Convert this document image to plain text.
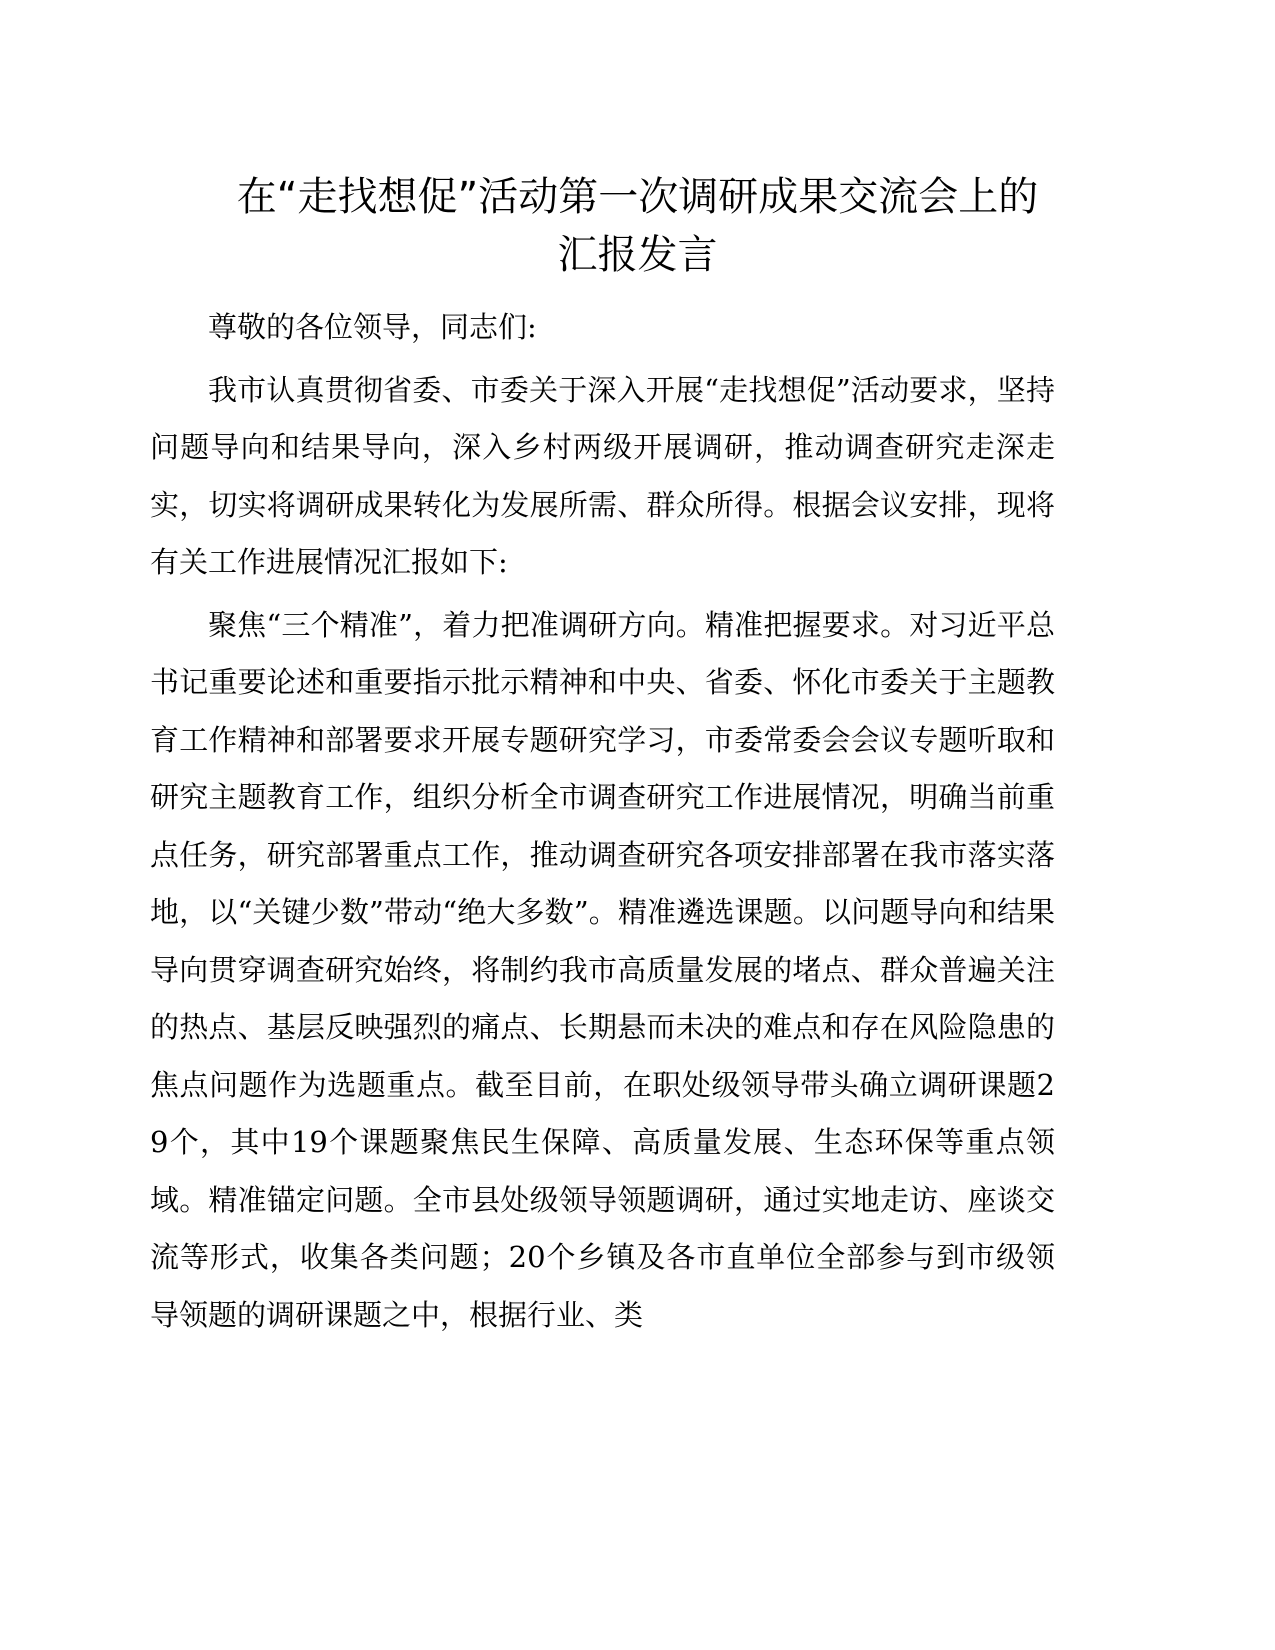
在“走找想促”活动第一次调研成果交流会上的
汇报发言

尊敬的各位领导，同志们:

我市认真贯彻省委、市委关于深入开展“走找想促”活动要求，坚持问题导向和结果导向，深入乡村两级开展调研，推动调查研究走深走实，切实将调研成果转化为发展所需、群众所得。根据会议安排，现将有关工作进展情况汇报如下:

聚焦“三个精准”，着力把准调研方向。精准把握要求。对习近平总书记重要论述和重要指示批示精神和中央、省委、怀化市委关于主题教育工作精神和部署要求开展专题研究学习，市委常委会会议专题听取和研究主题教育工作，组织分析全市调查研究工作进展情况，明确当前重点任务，研究部署重点工作，推动调查研究各项安排部署在我市落实落地，以“关键少数”带动“绝大多数”。精准遴选课题。以问题导向和结果导向贯穿调查研究始终，将制约我市高质量发展的堵点、群众普遍关注的热点、基层反映强烈的痛点、长期悬而未决的难点和存在风险隐患的焦点问题作为选题重点。截至目前，在职处级领导带头确立调研课题29个，其中19个课题聚焦民生保障、高质量发展、生态环保等重点领域。精准锚定问题。全市县处级领导领题调研，通过实地走访、座谈交流等形式，收集各类问题；20个乡镇及各市直单位全部参与到市级领导领题的调研课题之中，根据行业、类
